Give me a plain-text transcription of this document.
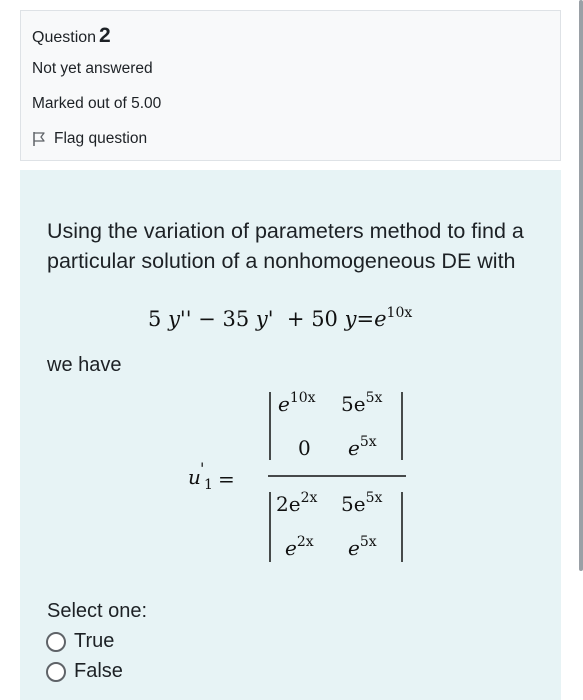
Question 2
Not yet answered
Marked out of 5.00
Flag question
Using the variation of parameters method to find a particular solution of a nonhomogeneous DE with
5 y'' − 35 y' + 50 $y=e^{10x}$
we have
u '
1 =
$e^{10x}$ $5e^{5x}$
0 $e^{5x}$
$2e^{2x}$ $5e^{5x}$
$e^{2x}$ $e^{5x}$
Select one:
True
False
